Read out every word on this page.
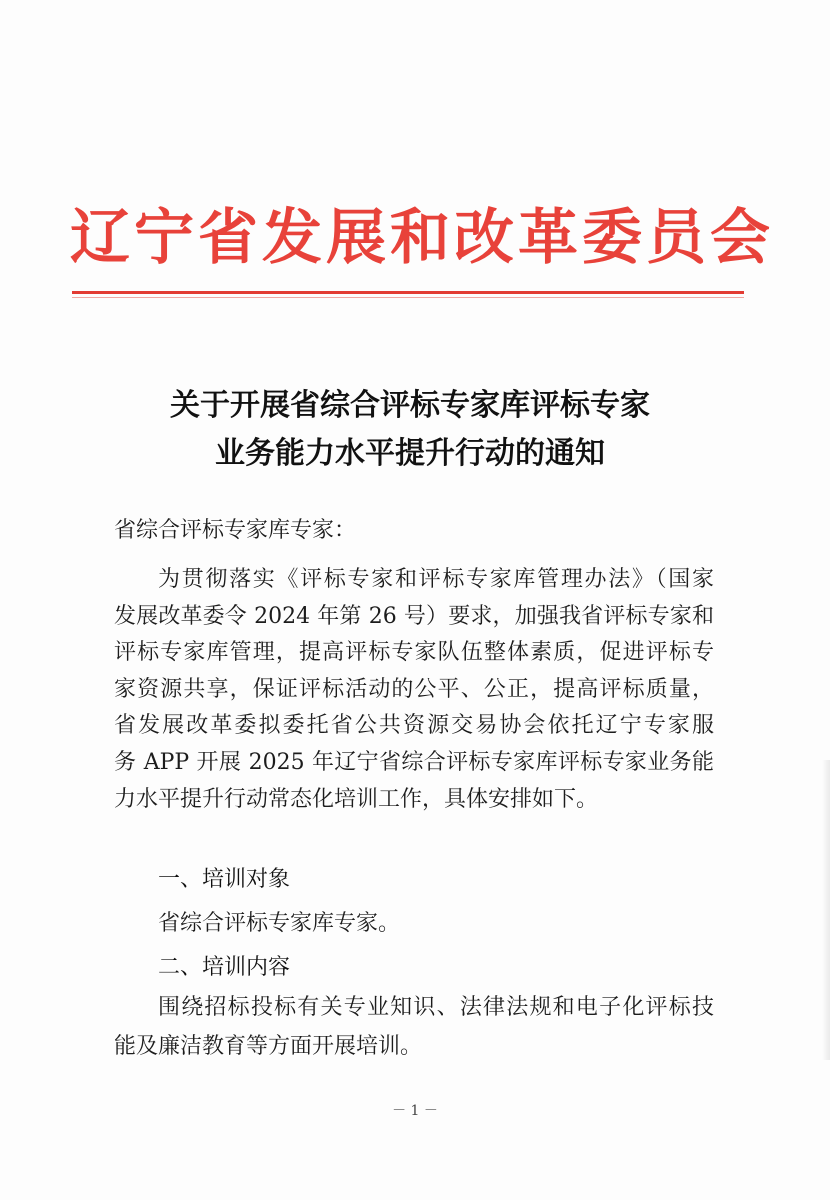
辽宁省发展和改革委员会
关于开展省综合评标专家库评标专家
业务能力水平提升行动的通知
省综合评标专家库专家：
为贯彻落实《评标专家和评标专家库管理办法》（国家
发展改革委令 2024 年第 26 号）要求，加强我省评标专家和
评标专家库管理，提高评标专家队伍整体素质，促进评标专
家资源共享，保证评标活动的公平、公正，提高评标质量，
省发展改革委拟委托省公共资源交易协会依托辽宁专家服
务 APP 开展 2025 年辽宁省综合评标专家库评标专家业务能
力水平提升行动常态化培训工作，具体安排如下。
一、培训对象
省综合评标专家库专家。
二、培训内容
围绕招标投标有关专业知识、法律法规和电子化评标技
能及廉洁教育等方面开展培训。
－ 1 －
